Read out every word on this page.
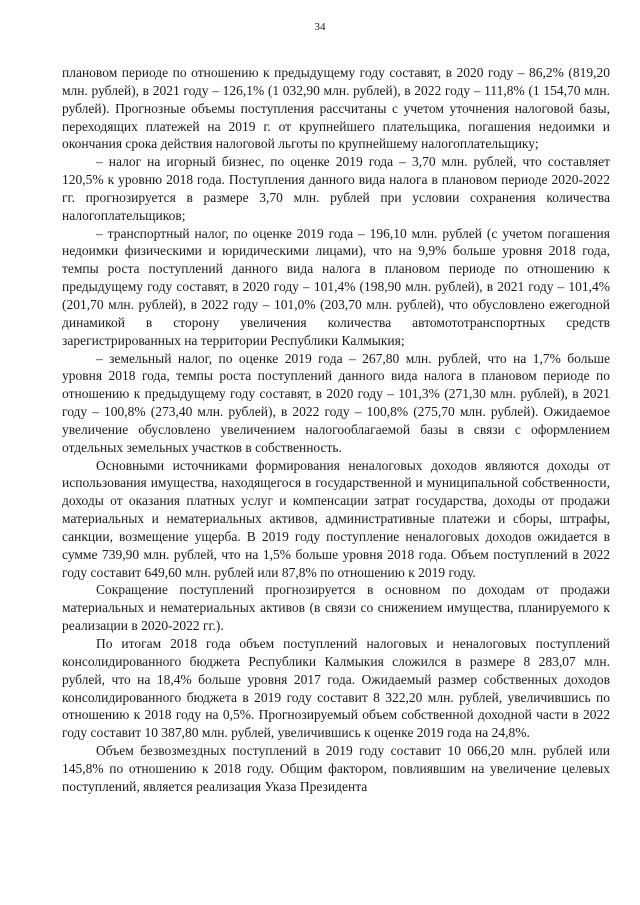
34

плановом периоде по отношению к предыдущему году составят, в 2020 году – 86,2% (819,20 млн. рублей), в 2021 году – 126,1% (1 032,90 млн. рублей), в 2022 году – 111,8% (1 154,70 млн. рублей). Прогнозные объемы поступления рассчитаны с учетом уточнения налоговой базы, переходящих платежей на 2019 г. от крупнейшего плательщика, погашения недоимки и окончания срока действия налоговой льготы по крупнейшему налогоплательщику;

– налог на игорный бизнес, по оценке 2019 года – 3,70 млн. рублей, что составляет 120,5% к уровню 2018 года. Поступления данного вида налога в плановом периоде 2020-2022 гг. прогнозируется в размере 3,70 млн. рублей при условии сохранения количества налогоплательщиков;

– транспортный налог, по оценке 2019 года – 196,10 млн. рублей (с учетом погашения недоимки физическими и юридическими лицами), что на 9,9% больше уровня 2018 года, темпы роста поступлений данного вида налога в плановом периоде по отношению к предыдущему году составят, в 2020 году – 101,4% (198,90 млн. рублей), в 2021 году – 101,4% (201,70 млн. рублей), в 2022 году – 101,0% (203,70 млн. рублей), что обусловлено ежегодной динамикой в сторону увеличения количества автомототранспортных средств зарегистрированных на территории Республики Калмыкия;

– земельный налог, по оценке 2019 года – 267,80 млн. рублей, что на 1,7% больше уровня 2018 года, темпы роста поступлений данного вида налога в плановом периоде по отношению к предыдущему году составят, в 2020 году – 101,3% (271,30 млн. рублей), в 2021 году – 100,8% (273,40 млн. рублей), в 2022 году – 100,8% (275,70 млн. рублей). Ожидаемое увеличение обусловлено увеличением налогооблагаемой базы в связи с оформлением отдельных земельных участков в собственность.

Основными источниками формирования неналоговых доходов являются доходы от использования имущества, находящегося в государственной и муниципальной собственности, доходы от оказания платных услуг и компенсации затрат государства, доходы от продажи материальных и нематериальных активов, административные платежи и сборы, штрафы, санкции, возмещение ущерба. В 2019 году поступление неналоговых доходов ожидается в сумме 739,90 млн. рублей, что на 1,5% больше уровня 2018 года. Объем поступлений в 2022 году составит 649,60 млн. рублей или 87,8% по отношению к 2019 году.

Сокращение поступлений прогнозируется в основном по доходам от продажи материальных и нематериальных активов (в связи со снижением имущества, планируемого к реализации в 2020-2022 гг.).

По итогам 2018 года объем поступлений налоговых и неналоговых поступлений консолидированного бюджета Республики Калмыкия сложился в размере 8 283,07 млн. рублей, что на 18,4% больше уровня 2017 года. Ожидаемый размер собственных доходов консолидированного бюджета в 2019 году составит 8 322,20 млн. рублей, увеличившись по отношению к 2018 году на 0,5%. Прогнозируемый объем собственной доходной части в 2022 году составит 10 387,80 млн. рублей, увеличившись к оценке 2019 года на 24,8%.

Объем безвозмездных поступлений в 2019 году составит 10 066,20 млн. рублей или 145,8% по отношению к 2018 году. Общим фактором, повлиявшим на увеличение целевых поступлений, является реализация Указа Президента
